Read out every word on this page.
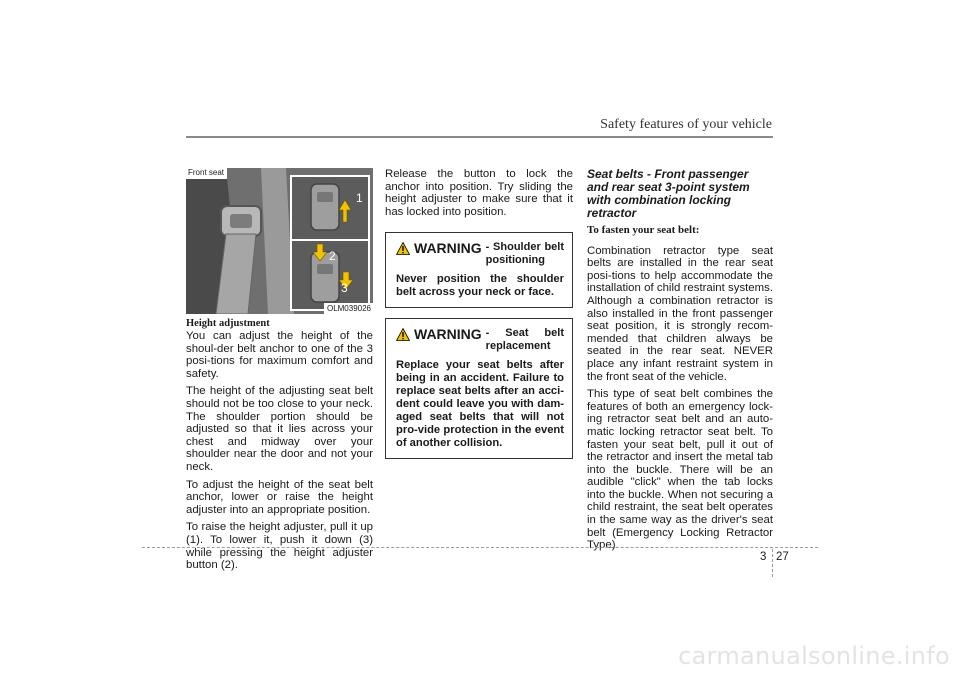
Safety features of your vehicle
1
2
3
Front seat
OLM039026
Height adjustment

You can adjust the height of the shoul-der belt anchor to one of the 3 posi-tions for maximum comfort and safety.

The height of the adjusting seat belt should not be too close to your neck. The shoulder portion should be adjusted so that it lies across your chest and midway over your shoulder near the door and not your neck.

To adjust the height of the seat belt anchor, lower or raise the height adjuster into an appropriate position.

To raise the height adjuster, pull it up (1). To lower it, push it down (3) while pressing the height adjuster button (2).

Release the button to lock the anchor into position. Try sliding the height adjuster to make sure that it has locked into position.

WARNING - Shoulder belt positioning
Never position the shoulder belt across your neck or face.
WARNING - Seat belt replacement
Replace your seat belts after being in an accident. Failure to replace seat belts after an acci-dent could leave you with dam-aged seat belts that will not pro-vide protection in the event of another collision.
Seat belts - Front passenger and rear seat 3-point system with combination locking retractor
To fasten your seat belt:

Combination retractor type seat belts are installed in the rear seat posi-tions to help accommodate the installation of child restraint systems. Although a combination retractor is also installed in the front passenger seat position, it is strongly recom-mended that children always be seated in the rear seat. NEVER place any infant restraint system in the front seat of the vehicle.

This type of seat belt combines the features of both an emergency lock-ing retractor seat belt and an auto-matic locking retractor seat belt. To fasten your seat belt, pull it out of the retractor and insert the metal tab into the buckle. There will be an audible "click" when the tab locks into the buckle. When not securing a child restraint, the seat belt operates in the same way as the driver's seat belt (Emergency Locking Retractor Type).

3 27
carmanualsonline.info
